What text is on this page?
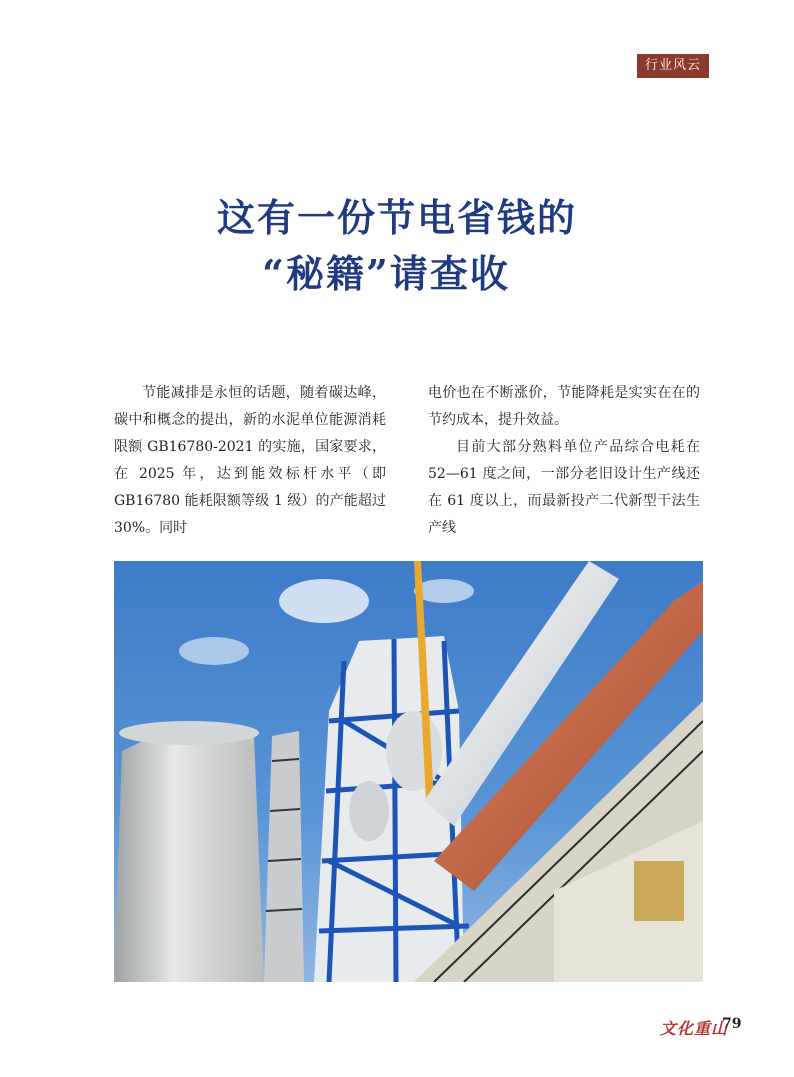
行业风云
这有一份节电省钱的
“秘籍”请查收

节能减排是永恒的话题，随着碳达峰，碳中和概念的提出，新的水泥单位能源消耗限额 GB16780-2021 的实施，国家要求，在 2025 年，达到能效标杆水平（即 GB16780 能耗限额等级 1 级）的产能超过 30%。同时

电价也在不断涨价，节能降耗是实实在在的节约成本，提升效益。

目前大部分熟料单位产品综合电耗在 52—61 度之间，一部分老旧设计生产线还在 61 度以上，而最新投产二代新型干法生产线

文化重山
79
